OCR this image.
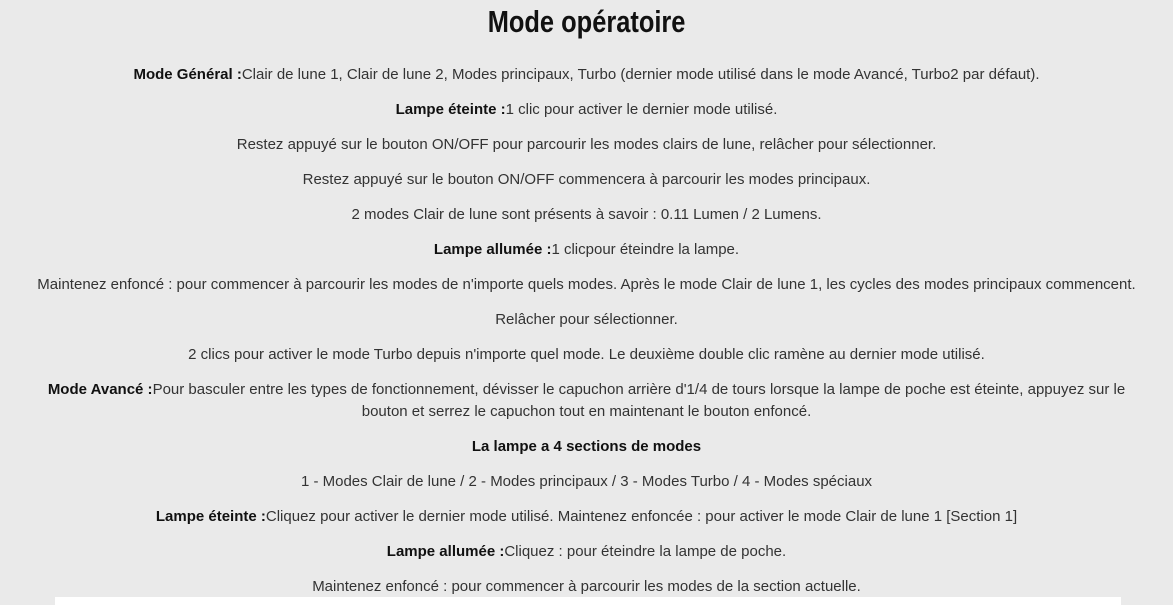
Mode opératoire

Mode Général :Clair de lune 1, Clair de lune 2, Modes principaux, Turbo (dernier mode utilisé dans le mode Avancé, Turbo2 par défaut).

Lampe éteinte :1 clic pour activer le dernier mode utilisé.

Restez appuyé sur le bouton ON/OFF pour parcourir les modes clairs de lune, relâcher pour sélectionner.

Restez appuyé sur le bouton ON/OFF commencera à parcourir les modes principaux.

2 modes Clair de lune sont présents à savoir : 0.11 Lumen / 2 Lumens.

Lampe allumée :1 clicpour éteindre la lampe.

Maintenez enfoncé : pour commencer à parcourir les modes de n'importe quels modes. Après le mode Clair de lune 1, les cycles des modes principaux commencent.

Relâcher pour sélectionner.

2 clics pour activer le mode Turbo depuis n'importe quel mode. Le deuxième double clic ramène au dernier mode utilisé.

Mode Avancé :Pour basculer entre les types de fonctionnement, dévisser le capuchon arrière d'1/4 de tours lorsque la lampe de poche est éteinte, appuyez sur le bouton et serrez le capuchon tout en maintenant le bouton enfoncé.

La lampe a 4 sections de modes

1 - Modes Clair de lune / 2 - Modes principaux / 3 - Modes Turbo / 4 - Modes spéciaux

Lampe éteinte :Cliquez pour activer le dernier mode utilisé. Maintenez enfoncée : pour activer le mode Clair de lune 1 [Section 1]

Lampe allumée :Cliquez : pour éteindre la lampe de poche.

Maintenez enfoncé : pour commencer à parcourir les modes de la section actuelle.
